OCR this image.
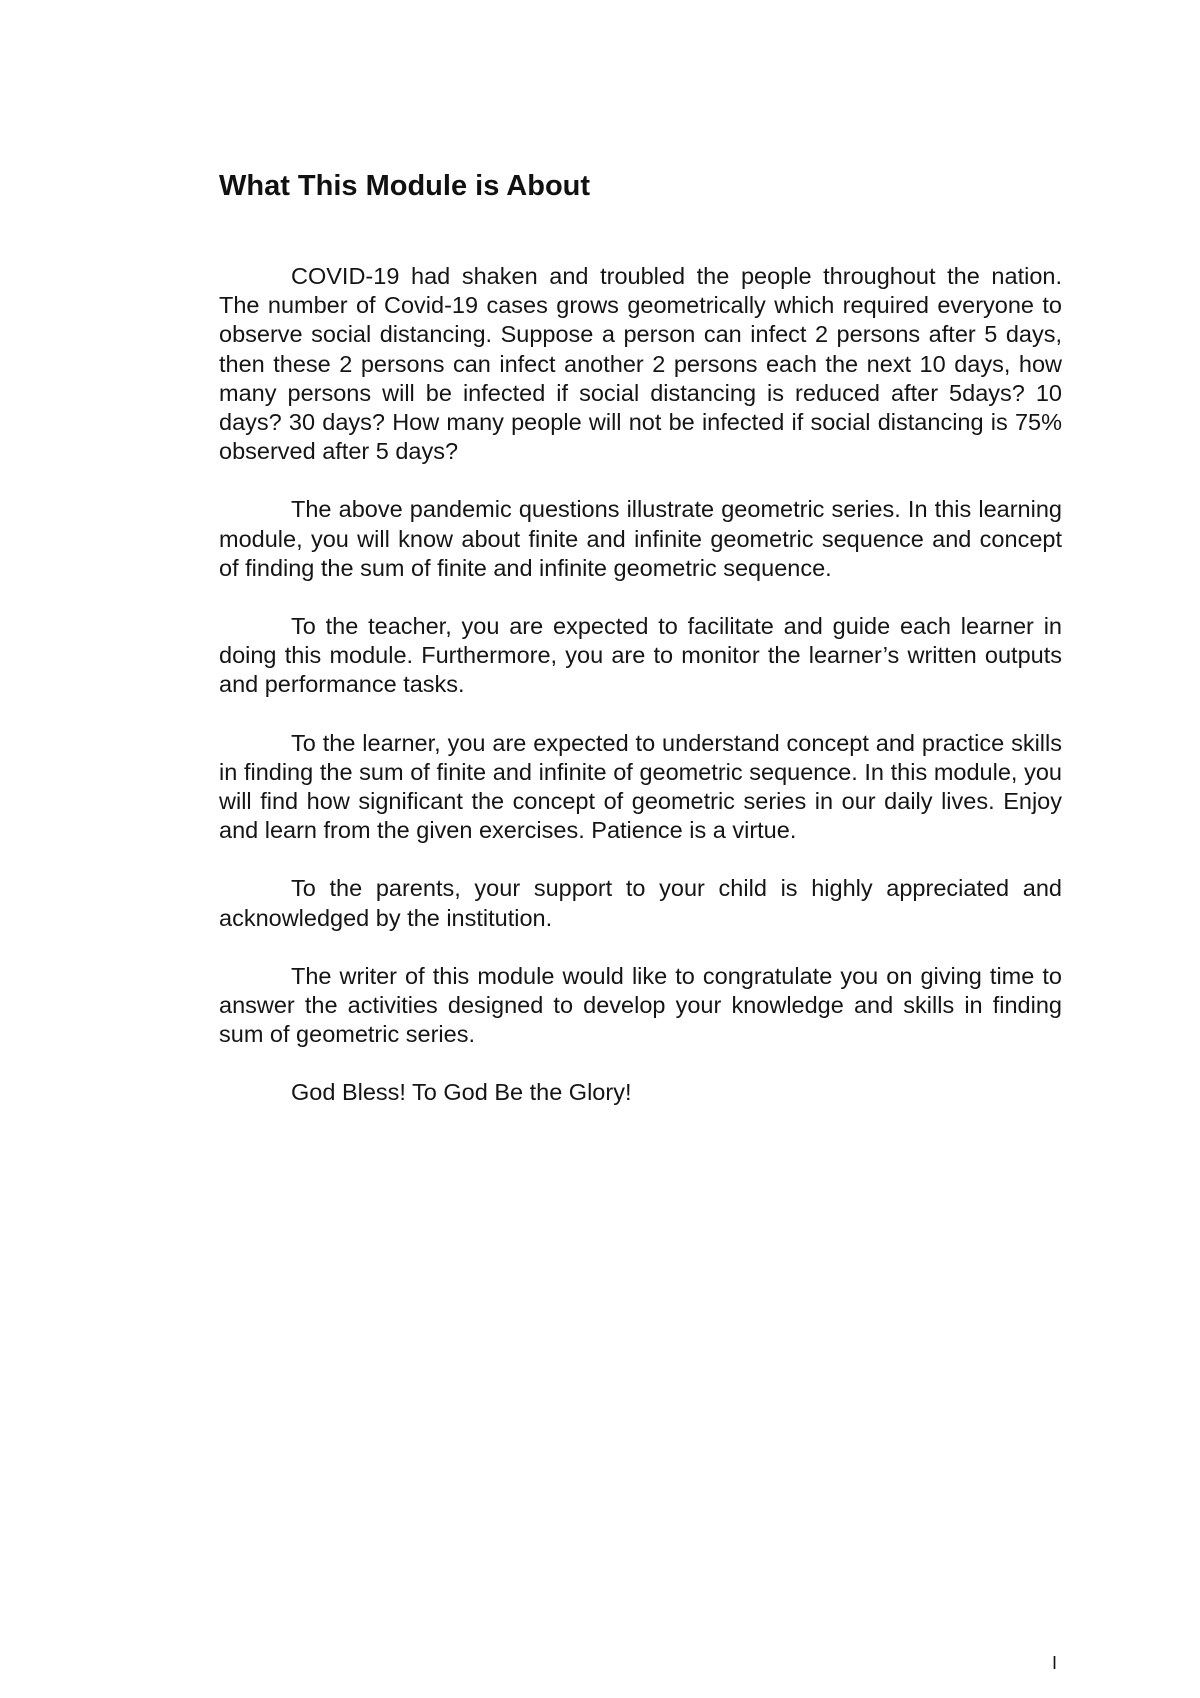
What This Module is About

COVID-19 had shaken and troubled the people throughout the nation. The number of Covid-19 cases grows geometrically which required everyone to observe social distancing. Suppose a person can infect 2 persons after 5 days, then these 2 persons can infect another 2 persons each the next 10 days, how many persons will be infected if social distancing is reduced after 5days? 10 days? 30 days? How many people will not be infected if social distancing is 75% observed after 5 days?

The above pandemic questions illustrate geometric series. In this learning module, you will know about finite and infinite geometric sequence and concept of finding the sum of finite and infinite geometric sequence.

To the teacher, you are expected to facilitate and guide each learner in doing this module. Furthermore, you are to monitor the learner’s written outputs and performance tasks.

To the learner, you are expected to understand concept and practice skills in finding the sum of finite and infinite of geometric sequence. In this module, you will find how significant the concept of geometric series in our daily lives. Enjoy and learn from the given exercises. Patience is a virtue.

To the parents, your support to your child is highly appreciated and acknowledged by the institution.

The writer of this module would like to congratulate you on giving time to answer the activities designed to develop your knowledge and skills in finding sum of geometric series.

God Bless! To God Be the Glory!

I
